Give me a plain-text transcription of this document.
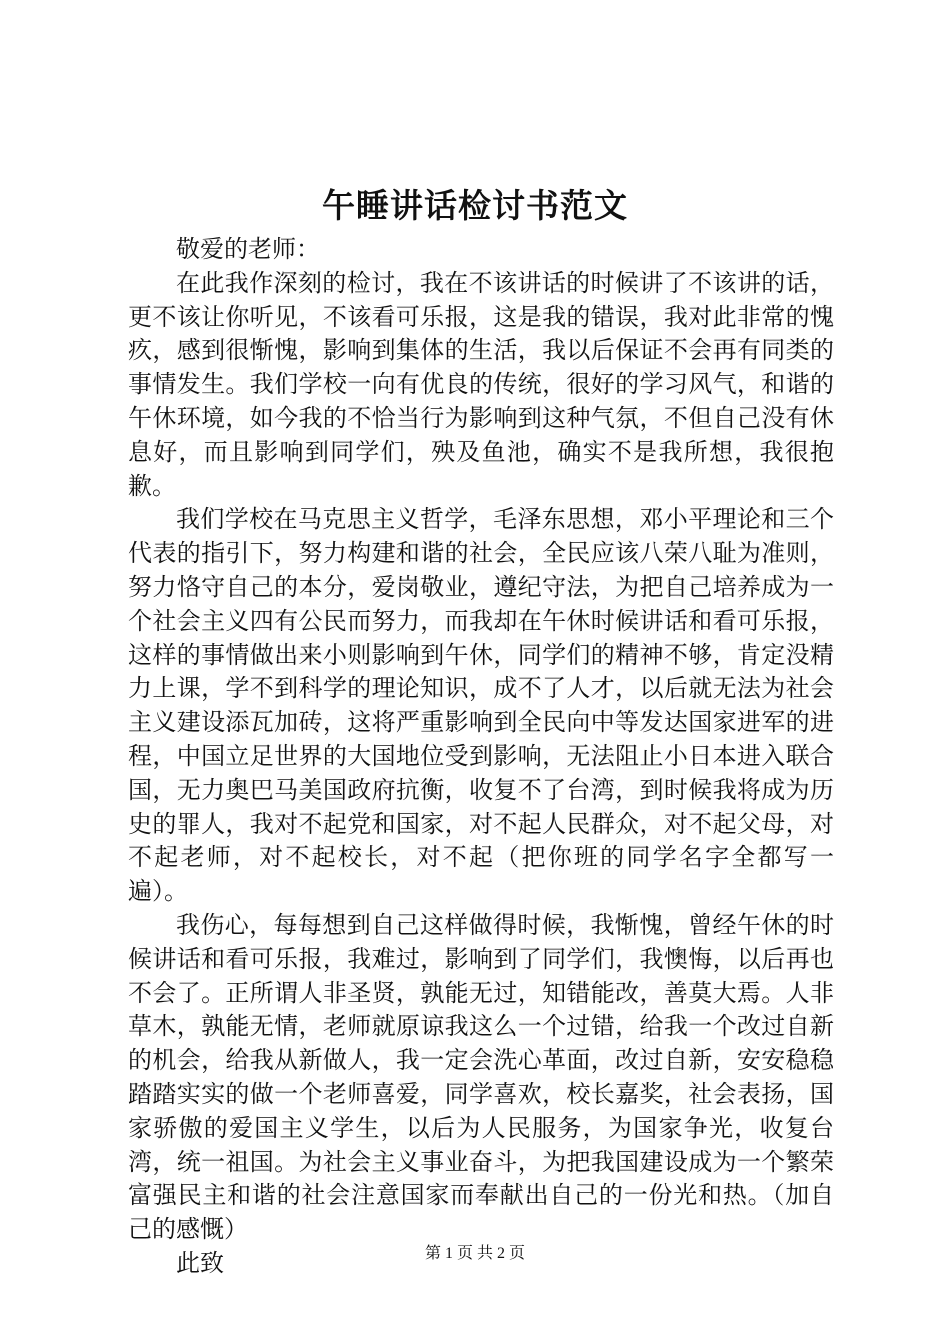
午睡讲话检讨书范文

敬爱的老师：

在此我作深刻的检讨，我在不该讲话的时候讲了不该讲的话，更不该让你听见，不该看可乐报，这是我的错误，我对此非常的愧疚，感到很惭愧，影响到集体的生活，我以后保证不会再有同类的事情发生。我们学校一向有优良的传统，很好的学习风气，和谐的午休环境，如今我的不恰当行为影响到这种气氛，不但自己没有休息好，而且影响到同学们，殃及鱼池，确实不是我所想，我很抱歉。

我们学校在马克思主义哲学，毛泽东思想，邓小平理论和三个代表的指引下，努力构建和谐的社会，全民应该八荣八耻为准则，努力恪守自己的本分，爱岗敬业，遵纪守法，为把自己培养成为一个社会主义四有公民而努力，而我却在午休时候讲话和看可乐报，这样的事情做出来小则影响到午休，同学们的精神不够，肯定没精力上课，学不到科学的理论知识，成不了人才，以后就无法为社会主义建设添瓦加砖，这将严重影响到全民向中等发达国家进军的进程，中国立足世界的大国地位受到影响，无法阻止小日本进入联合国，无力奥巴马美国政府抗衡，收复不了台湾，到时候我将成为历史的罪人，我对不起党和国家，对不起人民群众，对不起父母，对不起老师，对不起校长，对不起（把你班的同学名字全都写一遍）。

我伤心，每每想到自己这样做得时候，我惭愧，曾经午休的时候讲话和看可乐报，我难过，影响到了同学们，我懊悔，以后再也不会了。正所谓人非圣贤，孰能无过，知错能改，善莫大焉。人非草木，孰能无情，老师就原谅我这么一个过错，给我一个改过自新的机会，给我从新做人，我一定会洗心革面，改过自新，安安稳稳踏踏实实的做一个老师喜爱，同学喜欢，校长嘉奖，社会表扬，国家骄傲的爱国主义学生，以后为人民服务，为国家争光，收复台湾，统一祖国。为社会主义事业奋斗，为把我国建设成为一个繁荣富强民主和谐的社会注意国家而奉献出自己的一份光和热。（加自己的感慨）

此致	第 1 页 共 2 页
